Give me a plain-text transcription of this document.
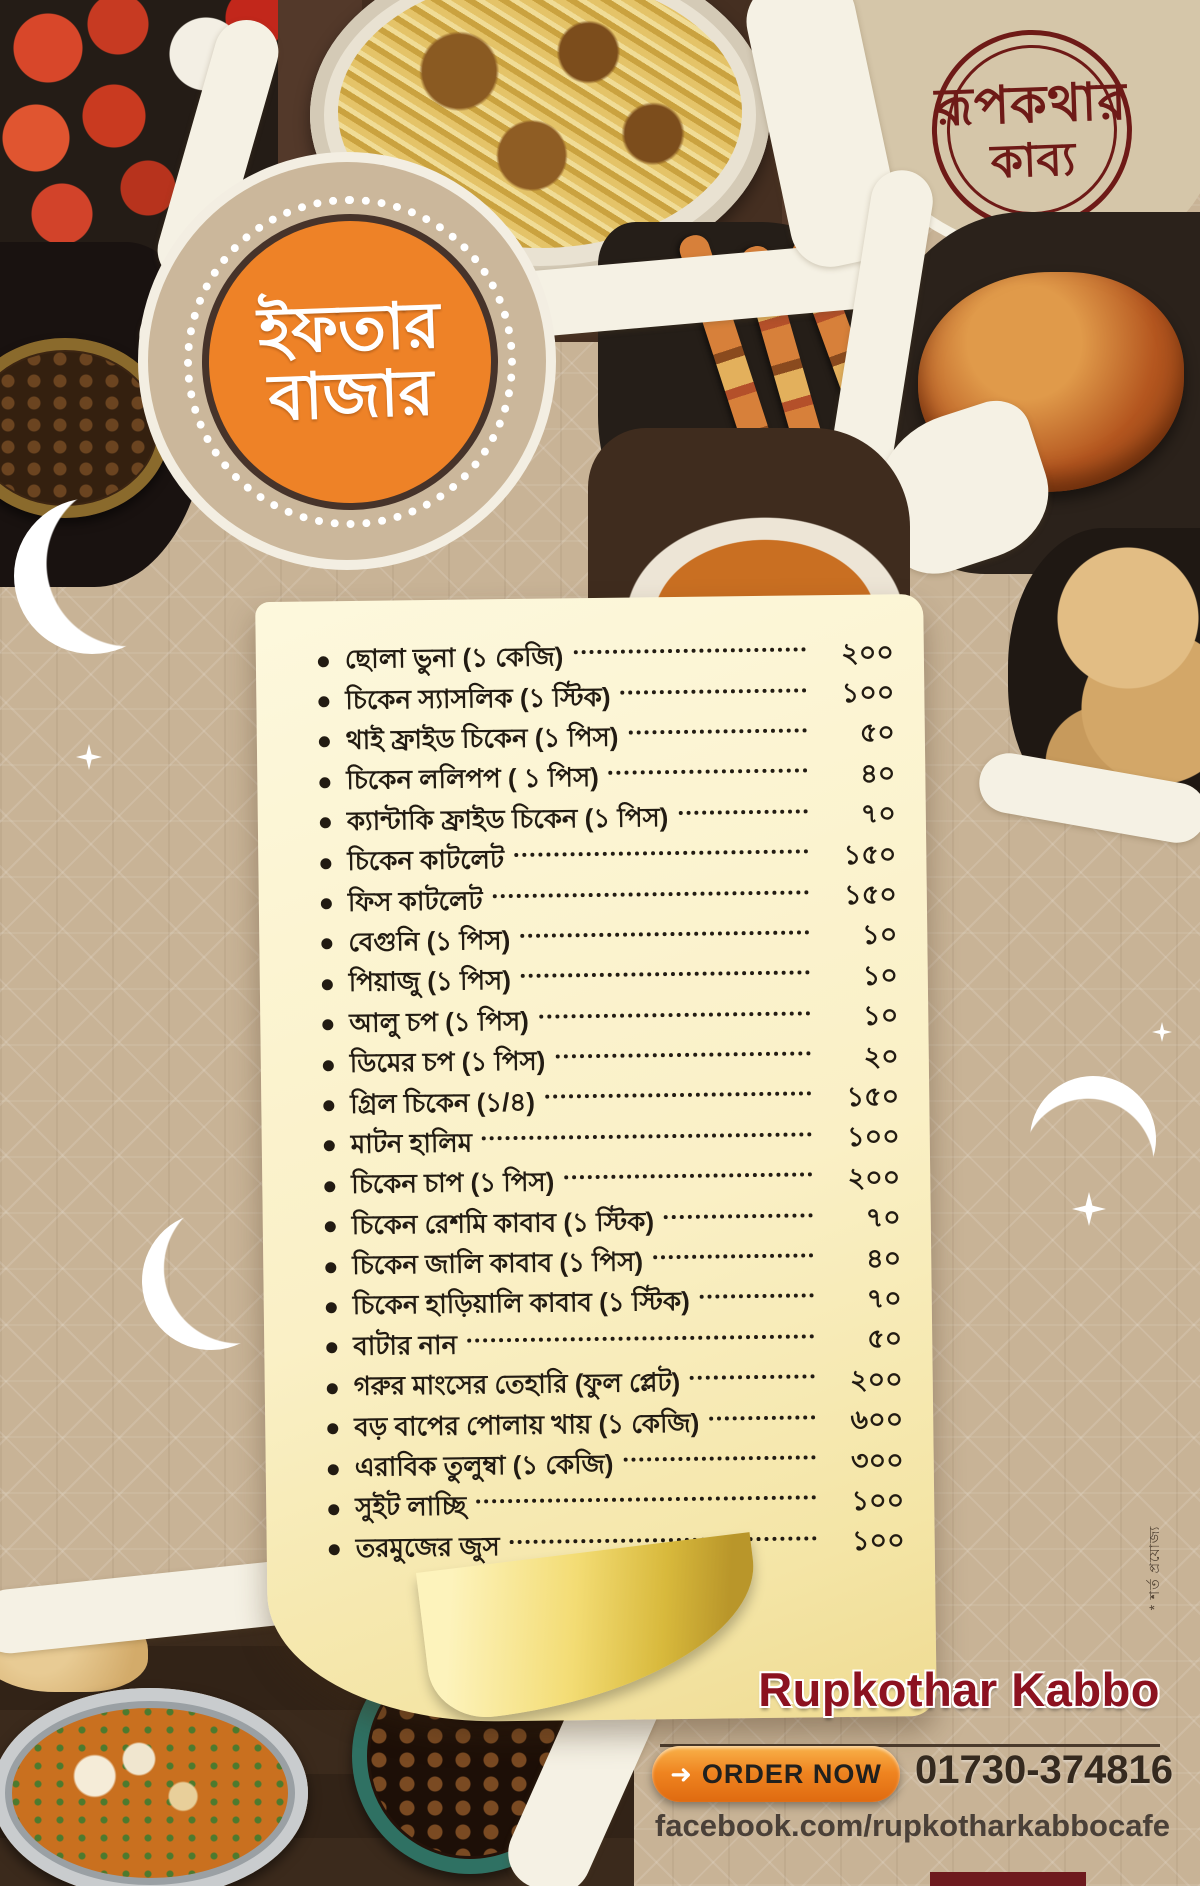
রূপকথার
কাব্য
ইফতার
বাজার
ছোলা ভুনা (১ কেজি)	২০০
চিকেন স্যাসলিক (১ স্টিক)	১০০
থাই ফ্রাইড চিকেন (১ পিস)	৫০
চিকেন ললিপপ ( ১ পিস)	৪০
ক্যান্টাকি ফ্রাইড চিকেন (১ পিস)	৭০
চিকেন কাটলেট	১৫০
ফিস কাটলেট	১৫০
বেগুনি (১ পিস)	১০
পিয়াজু (১ পিস)	১০
আলু চপ (১ পিস)	১০
ডিমের চপ (১ পিস)	২০
গ্রিল চিকেন (১/৪)	১৫০
মাটন হালিম	১০০
চিকেন চাপ (১ পিস)	২০০
চিকেন রেশমি কাবাব (১ স্টিক)	৭০
চিকেন জালি কাবাব (১ পিস)	৪০
চিকেন হাড়িয়ালি কাবাব (১ স্টিক)	৭০
বাটার নান	৫০
গরুর মাংসের তেহারি (ফুল প্লেট)	২০০
বড় বাপের পোলায় খায় (১ কেজি)	৬০০
এরাবিক তুলুম্বা (১ কেজি)	৩০০
সুইট লাচ্ছি	১০০
তরমুজের জুস	১০০
Rupkothar Kabbo
➜ ORDER NOW 01730-374816
facebook.com/rupkotharkabbocafe
* শর্ত প্রযোজ্য
